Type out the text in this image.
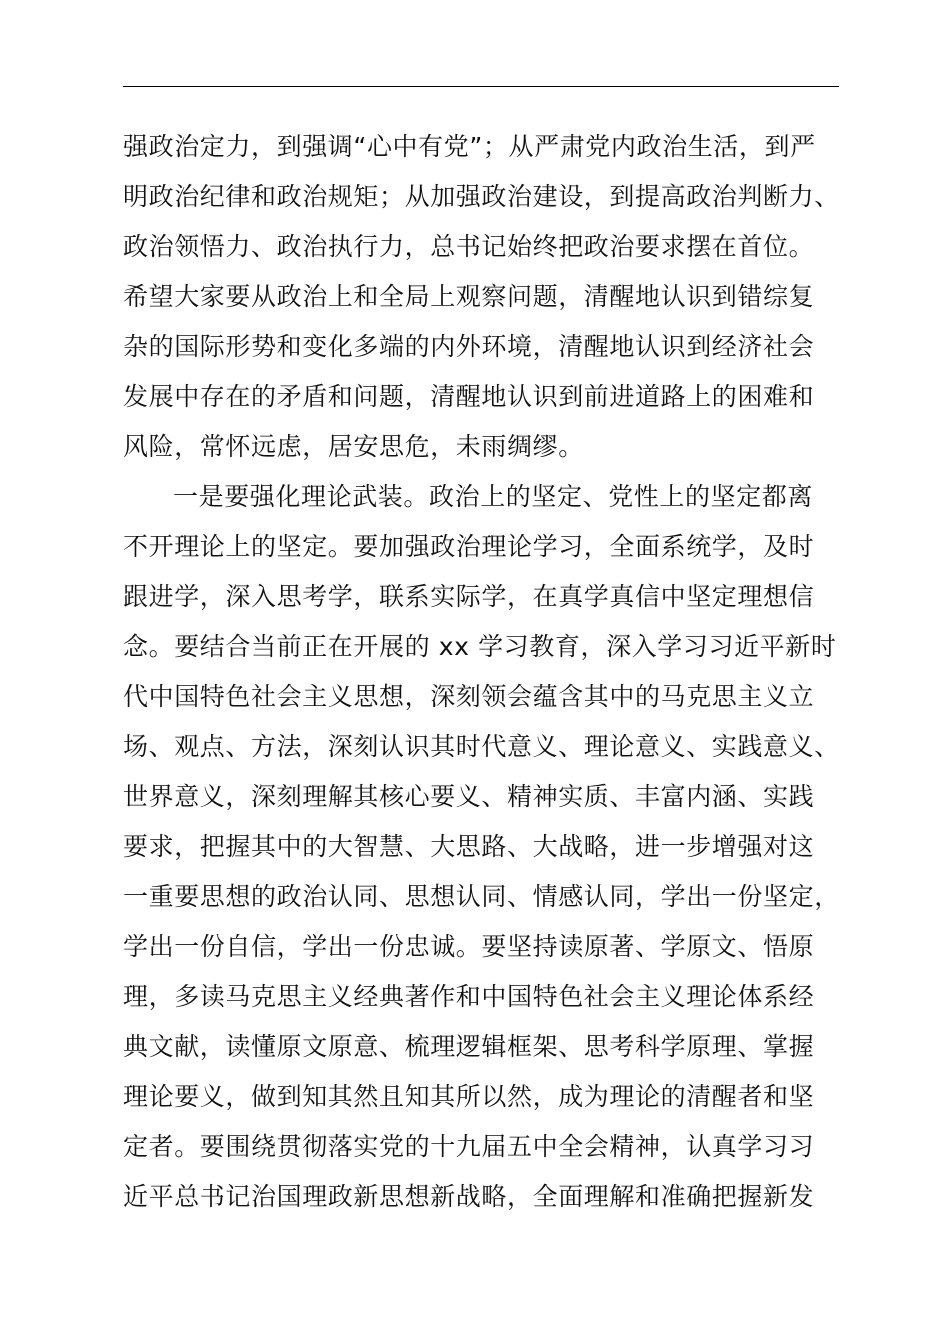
强政治定力，到强调“心中有党”；从严肃党内政治生活，到严
明政治纪律和政治规矩；从加强政治建设，到提高政治判断力、
政治领悟力、政治执行力，总书记始终把政治要求摆在首位。
希望大家要从政治上和全局上观察问题，清醒地认识到错综复
杂的国际形势和变化多端的内外环境，清醒地认识到经济社会
发展中存在的矛盾和问题，清醒地认识到前进道路上的困难和
风险，常怀远虑，居安思危，未雨绸缪。
一是要强化理论武装。政治上的坚定、党性上的坚定都离
不开理论上的坚定。要加强政治理论学习，全面系统学，及时
跟进学，深入思考学，联系实际学，在真学真信中坚定理想信
念。要结合当前正在开展的 xx 学习教育，深入学习习近平新时
代中国特色社会主义思想，深刻领会蕴含其中的马克思主义立
场、观点、方法，深刻认识其时代意义、理论意义、实践意义、
世界意义，深刻理解其核心要义、精神实质、丰富内涵、实践
要求，把握其中的大智慧、大思路、大战略，进一步增强对这
一重要思想的政治认同、思想认同、情感认同，学出一份坚定，
学出一份自信，学出一份忠诚。要坚持读原著、学原文、悟原
理，多读马克思主义经典著作和中国特色社会主义理论体系经
典文献，读懂原文原意、梳理逻辑框架、思考科学原理、掌握
理论要义，做到知其然且知其所以然，成为理论的清醒者和坚
定者。要围绕贯彻落实党的十九届五中全会精神，认真学习习
近平总书记治国理政新思想新战略，全面理解和准确把握新发
